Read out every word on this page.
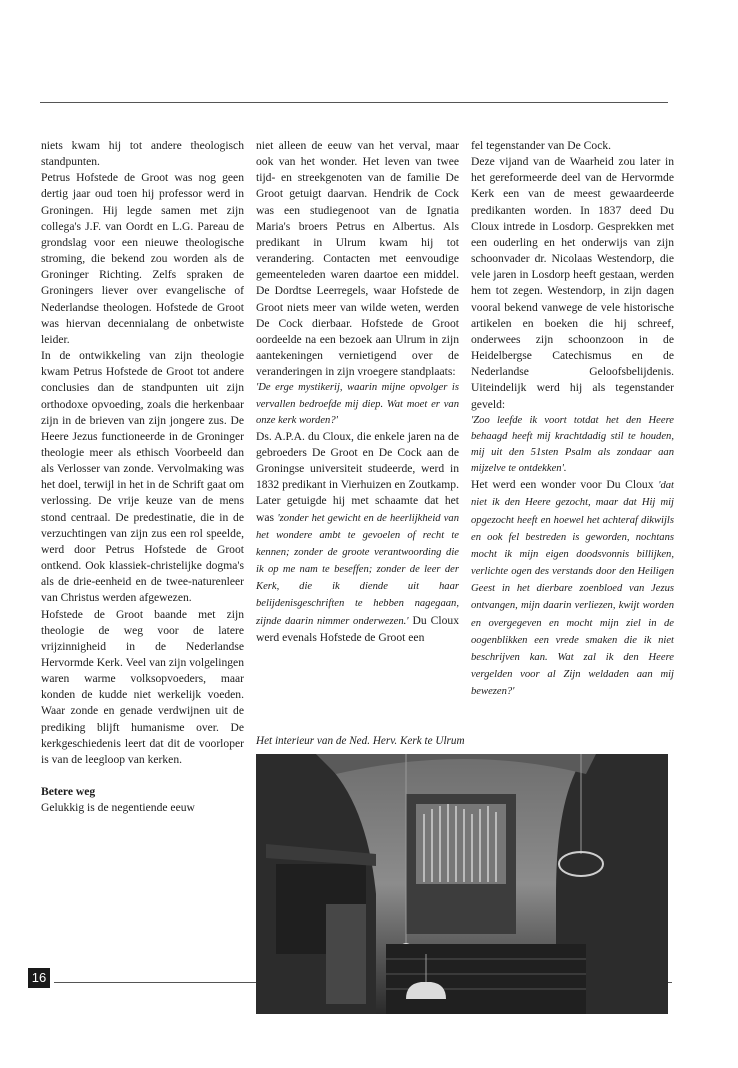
niets kwam hij tot andere theologisch standpunten.

Petrus Hofstede de Groot was nog geen dertig jaar oud toen hij professor werd in Groningen. Hij legde samen met zijn collega's J.F. van Oordt en L.G. Pareau de grondslag voor een nieuwe theologische stroming, die bekend zou worden als de Groninger Richting. Zelfs spraken de Groningers liever over evangelische of Nederlandse theologen. Hofstede de Groot was hiervan decennialang de onbetwiste leider.

In de ontwikkeling van zijn theologie kwam Petrus Hofstede de Groot tot andere conclusies dan de standpunten uit zijn orthodoxe opvoeding, zoals die herkenbaar zijn in de brieven van zijn jongere zus. De Heere Jezus functioneerde in de Groninger theologie meer als ethisch Voorbeeld dan als Verlosser van zonde. Vervolmaking was het doel, terwijl in het in de Schrift gaat om verlossing. De vrije keuze van de mens stond centraal. De predestinatie, die in de verzuchtingen van zijn zus een rol speelde, werd door Petrus Hofstede de Groot ontkend. Ook klassiek-christelijke dogma's als de drie-eenheid en de twee-naturenleer van Christus werden afgewezen.

Hofstede de Groot baande met zijn theologie de weg voor de latere vrijzinnigheid in de Nederlandse Hervormde Kerk. Veel van zijn volgelingen waren warme volksopvoeders, maar konden de kudde niet werkelijk voeden. Waar zonde en genade verdwijnen uit de prediking blijft humanisme over. De kerkgeschiedenis leert dat dit de voorloper is van de leegloop van kerken.

Betere weg

Gelukkig is de negentiende eeuw

niet alleen de eeuw van het verval, maar ook van het wonder. Het leven van twee tijd- en streekgenoten van de familie De Groot getuigt daarvan. Hendrik de Cock was een studiegenoot van de Ignatia Maria's broers Petrus en Albertus. Als predikant in Ulrum kwam hij tot verandering. Contacten met eenvoudige gemeenteleden waren daartoe een middel. De Dordtse Leerregels, waar Hofstede de Groot niets meer van wilde weten, werden De Cock dierbaar. Hofstede de Groot oordeelde na een bezoek aan Ulrum in zijn aantekeningen vernietigend over de veranderingen in zijn vroegere standplaats:

'De erge mystikerij, waarin mijne opvolger is vervallen bedroefde mij diep. Wat moet er van onze kerk worden?'

Ds. A.P.A. du Cloux, die enkele jaren na de gebroeders De Groot en De Cock aan de Groningse universiteit studeerde, werd in 1832 predikant in Vierhuizen en Zoutkamp. Later getuigde hij met schaamte dat het was 'zonder het gewicht en de heerlijkheid van het wondere ambt te gevoelen of recht te kennen; zonder de groote verantwoording die ik op me nam te beseffen; zonder de leer der Kerk, die ik diende uit haar belijdenisgeschriften te hebben nagegaan, zijnde daarin nimmer onderwezen.' Du Cloux werd evenals Hofstede de Groot een

fel tegenstander van De Cock.

Deze vijand van de Waarheid zou later in het gereformeerde deel van de Hervormde Kerk een van de meest gewaardeerde predikanten worden. In 1837 deed Du Cloux intrede in Losdorp. Gesprekken met een ouderling en het onderwijs van zijn schoonvader dr. Nicolaas Westendorp, die vele jaren in Losdorp heeft gestaan, werden hem tot zegen. Westendorp, in zijn dagen vooral bekend vanwege de vele historische artikelen en boeken die hij schreef, onderwees zijn schoonzoon in de Heidelbergse Catechismus en de Nederlandse Geloofsbelijdenis. Uiteindelijk werd hij als tegenstander geveld:

'Zoo leefde ik voort totdat het den Heere behaagd heeft mij krachtdadig stil te houden, mij uit den 51sten Psalm als zondaar aan mijzelve te ontdekken'.

Het werd een wonder voor Du Cloux 'dat niet ik den Heere gezocht, maar dat Hij mij opgezocht heeft en hoewel het achteraf dikwijls en ook fel bestreden is geworden, nochtans mocht ik mijn eigen doodsvonnis billijken, verlichte ogen des verstands door den Heiligen Geest in het dierbare zoenbloed van Jezus ontvangen, mijn daarin verliezen, kwijt worden en overgegeven en mocht mijn ziel in de oogenblikken een vrede smaken die ik niet beschrijven kan. Wat zal ik den Heere vergelden voor al Zijn weldaden aan mij bewezen?'

Het interieur van de Ned. Herv. Kerk te Ulrum
16
